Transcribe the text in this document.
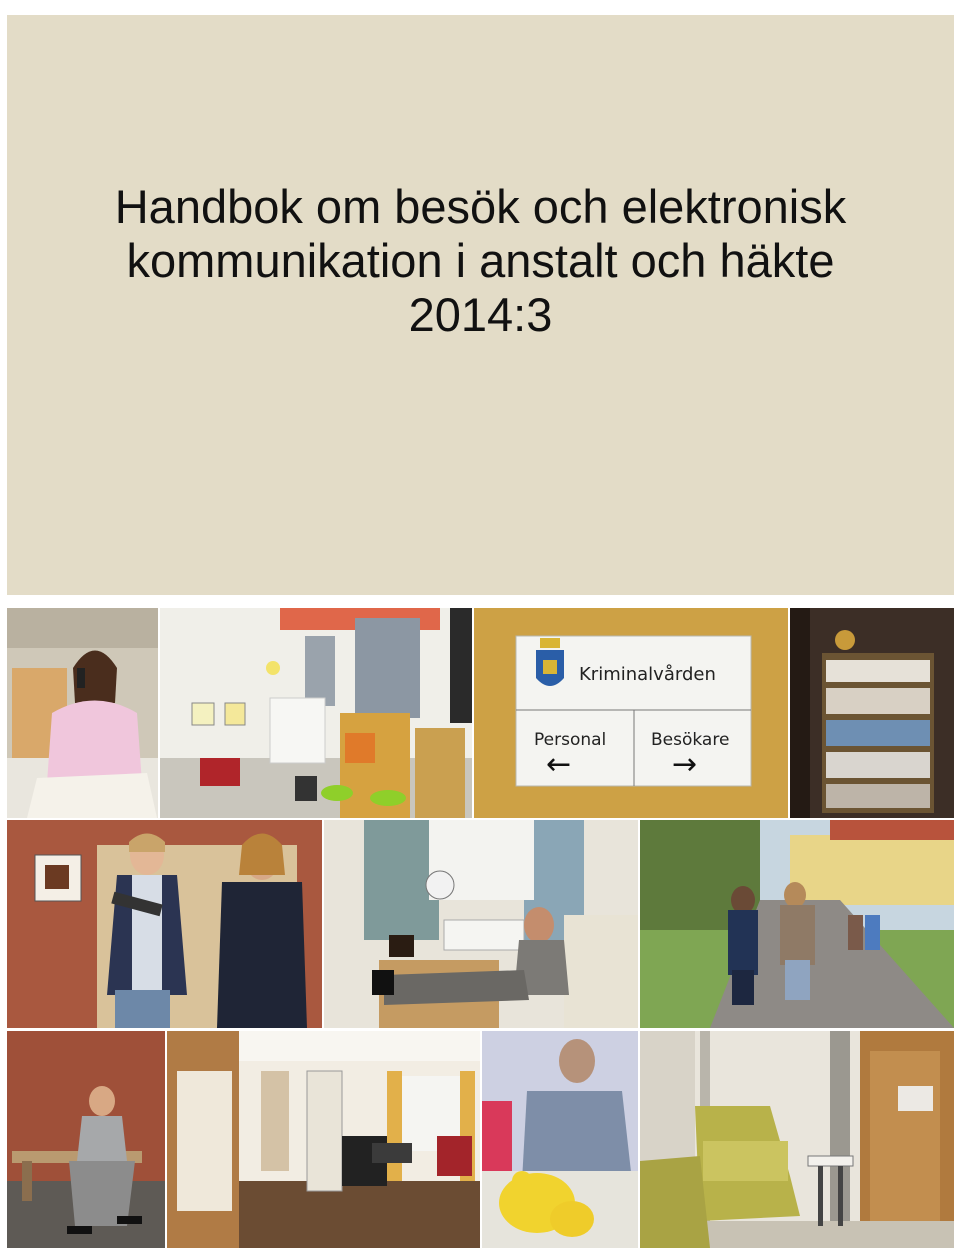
Handbok om besök och elektronisk
kommunikation i anstalt och häkte
2014:3
Kriminalvården
Personal	Besökare
←	→
